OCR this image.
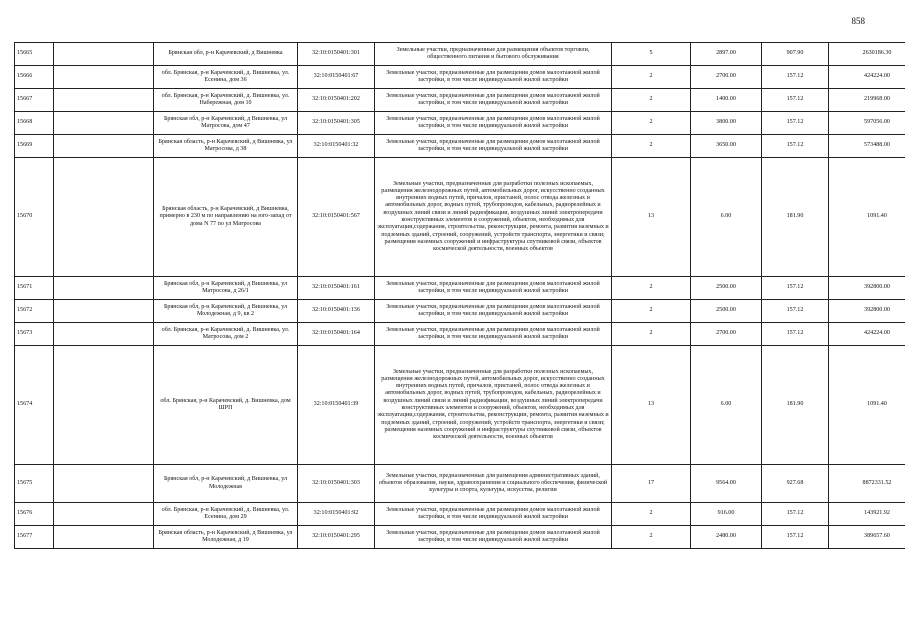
858
15665		Брянская обл, р-н Карачевский, д Вишневка	32:10:0150401:301	Земельные участки, предназначенные для размещения объектов торговли, общественного питания и бытового обслуживания	5	2897.00	907.90	2630186.30
15666		обл. Брянская, р-н Карачевский, д. Вишневка, ул. Есенина, дом 36	32:10:0150401:67	Земельные участки, предназначенные для размещения домов малоэтажной жилой застройки, в том числе индивидуальной жилой застройки	2	2700.00	157.12	424224.00
15667		обл. Брянская, р-н Карачевский, д. Вишневка, ул. Набережная, дом 10	32:10:0150401:202	Земельные участки, предназначенные для размещения домов малоэтажной жилой застройки, в том числе индивидуальной жилой застройки	2	1400.00	157.12	219968.00
15668		Брянская обл, р-н Карачевский, д Вишневка, ул Матросова, дом 47	32:10:0150401:305	Земельные участки, предназначенные для размещения домов малоэтажной жилой застройки, в том числе индивидуальной жилой застройки	2	3800.00	157.12	597056.00
15669		Брянская область, р-н Карачевский, д Вишневка, ул Матросова, д 38	32:10:0150401:32	Земельные участки, предназначенные для размещения домов малоэтажной жилой застройки, в том числе индивидуальной жилой застройки	2	3650.00	157.12	573488.00
15670		Брянская область, р-н Карачевский, д Вишневка, примерно в 230 м по направлению на юго-запад от дома N 77 по ул Матросова	32:10:0150401:567	Земельные участки, предназначенные для разработки полезных ископаемых, размещения железнодорожных путей, автомобильных дорог, искусственно созданных внутренних водных путей, причалов, пристаней, полос отвода железных и автомобильных дорог, водных путей, трубопроводов, кабельных, радиорелейных и воздушных линий связи и линий радиофикации, воздушных линий электропередачи конструктивных элементов и сооружений, объектов, необходимых для эксплуатации,содержания, строительства, реконструкции, ремонта, развития наземных и подземных зданий, строений, сооружений, устройств транспорта, энергетики и связи; размещения наземных сооружений и инфраструктуры спутниковой связи, объектов космической деятельности, военных объектов	13	6.00	181.90	1091.40
15671		Брянская обл, р-н Карачевский, д Вишневка, ул Матросова, д 26/1	32:10:0150401:161	Земельные участки, предназначенные для размещения домов малоэтажной жилой застройки, в том числе индивидуальной жилой застройки	2	2500.00	157.12	392800.00
15672		Брянская обл, р-н Карачевский, д Вишневка, ул Молодежная, д 9, кв 2	32:10:0150401:136	Земельные участки, предназначенные для размещения домов малоэтажной жилой застройки, в том числе индивидуальной жилой застройки	2	2500.00	157.12	392800.00
15673		обл. Брянская, р-н Карачевский, д. Вишневка, ул. Матросова, дом 2	32:10:0150401:164	Земельные участки, предназначенные для размещения домов малоэтажной жилой застройки, в том числе индивидуальной жилой застройки	2	2700.00	157.12	424224.00
15674		обл. Брянская, р-н Карачевский, д. Вишневка, дом ШРП	32:10:0150401:39	Земельные участки, предназначенные для разработки полезных ископаемых, размещения железнодорожных путей, автомобильных дорог, искусственно созданных внутренних водных путей, причалов, пристаней, полос отвода железных и автомобильных дорог, водных путей, трубопроводов, кабельных, радиорелейных и воздушных линий связи и линий радиофикации, воздушных линий электропередачи конструктивных элементов и сооружений, объектов, необходимых для эксплуатации,содержания, строительства, реконструкции, ремонта, развития наземных и подземных зданий, строений, сооружений, устройств транспорта, энергетики и связи; размещения наземных сооружений и инфраструктуры спутниковой связи, объектов космической деятельности, военных объектов	13	6.00	181.90	1091.40
15675		Брянская обл, р-н Карачевский, д Вишневка, ул Молодежная	32:10:0150401:303	Земельные участки, предназначенные для размещения административных зданий, объектов образования, науки, здравоохранения и социального обеспечения, физической культуры и спорта, культуры, искусства, религии	17	9564.00	927.68	8872331.52
15676		обл. Брянская, р-н Карачевский, д. Вишневка, ул. Есенина, дом 29	32:10:0150401:92	Земельные участки, предназначенные для размещения домов малоэтажной жилой застройки, в том числе индивидуальной жилой застройки	2	916.00	157.12	143921.92
15677		Брянская область, р-н Карачевский, д Вишневка, ул Молодежная, д 19	32:10:0150401:295	Земельные участки, предназначенные для размещения домов малоэтажной жилой застройки, в том числе индивидуальной жилой застройки	2	2480.00	157.12	389657.60
